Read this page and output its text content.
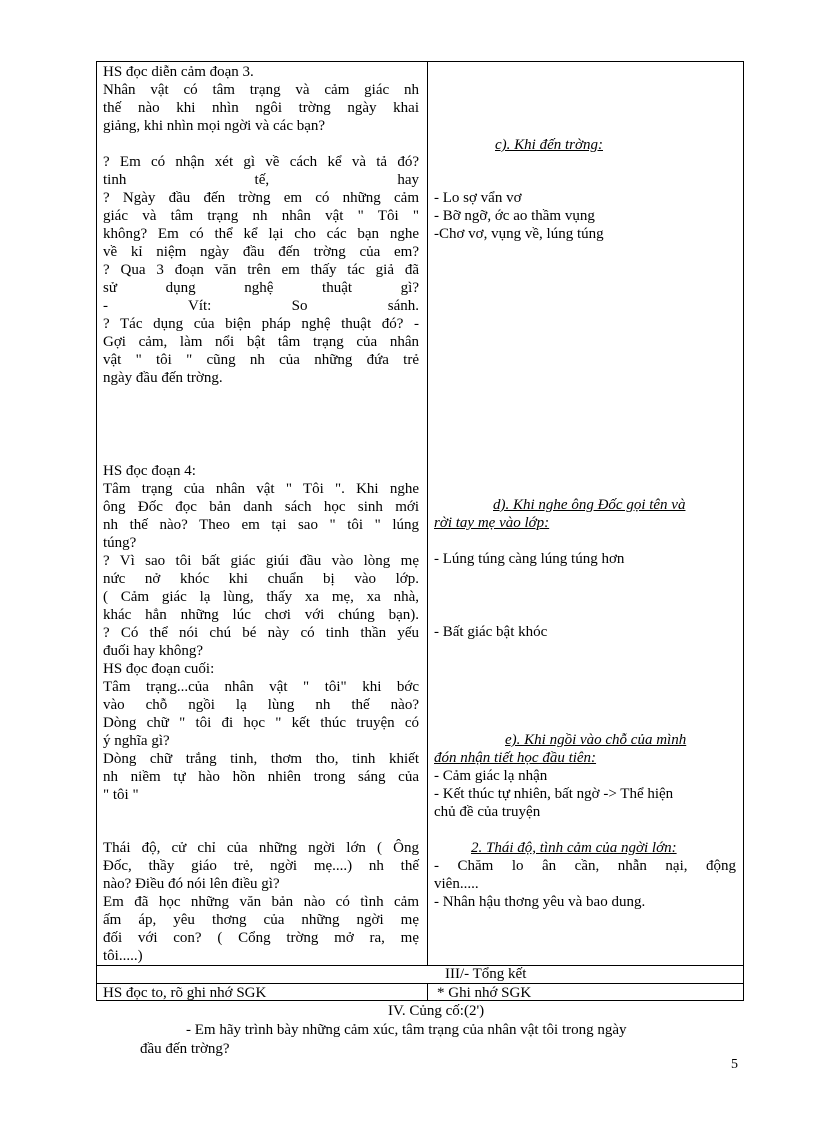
HS đọc diễn cảm đoạn 3.
Nhân vật có tâm trạng và cảm giác nh
thế nào khi nhìn ngôi trờng ngày khai
giảng, khi nhìn mọi ngời và các bạn?
? Em có nhận xét gì về cách kể và tả đó?
tinh tế, hay
? Ngày đầu đến trờng em có những cảm
giác và tâm trạng nh nhân vật " Tôi "
không? Em có thể kể lại cho các bạn nghe
về kỉ niệm ngày đầu đến trờng của em?
? Qua 3 đoạn văn trên em thấy tác giả đã
sử dụng nghệ thuật gì?
- Vít: So sánh.
? Tác dụng của biện pháp nghệ thuật đó? -
Gợi cảm, làm nổi bật tâm trạng của nhân
vật " tôi " cũng nh của những đứa trẻ
ngày đầu đến trờng.
HS đọc đoạn 4:
Tâm trạng của nhân vật " Tôi ". Khi nghe
ông Đốc đọc bản danh sách học sinh mới
nh thế nào? Theo em tại sao " tôi " lúng
túng?
? Vì sao tôi bất giác giúi đầu vào lòng mẹ
nức nở khóc khi chuẩn bị vào lớp.
( Cảm giác lạ lùng, thấy xa mẹ, xa nhà,
khác hẳn những lúc chơi với chúng bạn).
? Có thể nói chú bé này có tinh thần yếu
đuối hay không?
HS đọc đoạn cuối:
Tâm trạng...của nhân vật " tôi" khi bớc
vào chỗ ngồi lạ lùng nh thế nào?
Dòng chữ " tôi đi học " kết thúc truyện có
ý nghĩa gì?
Dòng chữ trắng tinh, thơm tho, tinh khiết
nh niềm tự hào hồn nhiên trong sáng của
" tôi "
Thái độ, cử chỉ của những ngời lớn ( Ông
Đốc, thầy giáo trẻ, ngời mẹ....) nh thế
nào? Điều đó nói lên điều gì?
Em đã học những văn bản nào có tình cảm
ấm áp, yêu thơng của những ngời mẹ
đối với con? ( Cổng trờng mở ra, mẹ
tôi.....)
c). Khi đến trờng:
- Lo sợ vẩn vơ
- Bỡ ngỡ, ớc ao thầm vụng
-Chơ vơ, vụng về, lúng túng
d). Khi nghe ông Đốc gọi tên và
rời tay mẹ vào lớp:
- Lúng túng càng lúng túng hơn
- Bất giác bật khóc
e). Khi ngồi vào chỗ của mình
đón nhận tiết học đầu tiên:
- Cảm giác lạ nhận
- Kết thúc tự nhiên, bất ngờ -> Thể hiện
chủ đề của truyện
2. Thái độ, tình cảm của ngời lớn:
- Chăm lo ân cần, nhẫn nại, động
viên.....
- Nhân hậu thơng yêu và bao dung.
III/- Tổng kết
HS đọc to, rõ ghi nhớ SGK	* Ghi nhớ SGK
IV. Củng cố:(2')
- Em hãy trình bày những cảm xúc, tâm trạng của nhân vật tôi trong ngày
đầu đến trờng?
5
